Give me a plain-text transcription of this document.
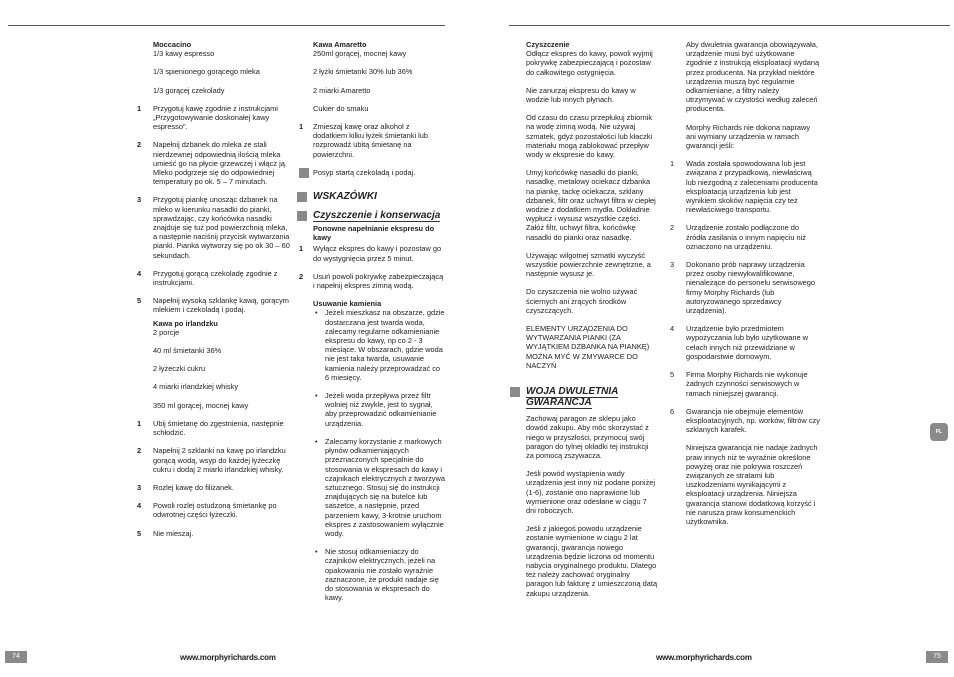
Moccacino

1/3 kawy espresso

1/3 spienionego gorącego mleka

1/3 gorącej czekolady

1 Przygotuj kawę zgodnie z instrukcjami „Przygotowywanie doskonałej kawy espresso".
2 Napełnij dzbanek do mleka ze stali nierdzewnej odpowiednią ilością mleka umieść go na płycie grzewczej i włącz ją. Mleko podgrzeje się do odpowiedniej temperatury po ok. 5 – 7 minutach.
3 Przygotuj piankę unosząc dzbanek na mleko w kierunku nasadki do pianki, sprawdzając, czy końcówka nasadki znajduje się tuż pod powierzchnią mleka, a następnie naciśnij przycisk wytwarzania pianki. Pianka wytworzy się po ok 30 – 60 sekundach.
4 Przygotuj gorącą czekoladę zgodnie z instrukcjami.
5 Napełnij wysoką szklankę kawą, gorącym mlekiem i czekoladą i podaj.
Kawa po irlandzku

2 porcje

40 ml śmietanki 36%

2 łyżeczki cukru

4 miarki irlandzkiej whisky

350 ml gorącej, mocnej kawy

1 Ubij śmietanę do zgęstnienia, następnie schłodzić.
2 Napełnij 2 szklanki na kawę po irlandzku gorącą wodą, wsyp do każdej łyżeczkę cukru i dodaj 2 miarki irlandzkiej whisky.
3 Rozlej kawę do filiżanek.
4 Powoli rozlej ostudzoną śmietankę po odwrotnej części łyżeczki.
5 Nie mieszaj.
Kawa Amaretto

250ml gorącej, mocnej kawy

2 łyżki śmietanki 30% lub 36%

2 miarki Amaretto

Cukier do smaku

1 Zmieszaj kawę oraz alkohol z dodatkiem kilku łyżek śmietanki lub rozprowadź ubitą śmietanę na powierzchni.
2	Posyp startą czekoladą i podaj.
WSKAZÓWKI
Czyszczenie i konserwacja
Ponowne napełnianie ekspresu do kawy
1 Wyłącz ekspres do kawy i pozostaw go do wystygnięcia przez 5 minut.
2 Usuń powoli pokrywkę zabezpieczającą i napełnij ekspres zimną wodą.
Usuwanie kamienia
• Jeżeli mieszkasz na obszarze, gdzie dostarczana jest twarda woda, zalecamy regularne odkamienianie ekspresu do kawy, np co 2 - 3 miesiące. W obszarach, gdzie woda nie jest taka twarda, usuwanie kamienia należy przeprowadzać co 6 miesięcy.
• Jeżeli woda przepływa przez filtr wolniej niż zwykle, jest to sygnał, aby przeprowadzić odkamienianie urządzenia.
• Zalecamy korzystanie z markowych płynów odkamieniających przeznaczonych specjalnie do stosowania w ekspresach do kawy i czajnikach elektrycznych z tworzywa sztucznego. Stosuj się do instrukcji znajdujących się na butelce lub saszetce, a następnie, przed parzeniem kawy, 3-krotnie uruchom ekspres z zastosowaniem wyłącznie wody.
• Nie stosuj odkamieniaczy do czajników elektrycznych, jeżeli na opakowaniu nie zostało wyraźnie zaznaczone, że produkt nadaje się do stosowania w ekspresach do kawy.
Czyszczenie

Odłącz ekspres do kawy, powoli wyjmij pokrywkę zabezpieczającą i pozostaw do całkowitego ostygnięcia.

Nie zanurzaj ekspresu do kawy w wodzie lub innych płynach.

Od czasu do czasu przepłukuj zbiornik na wodę zimną wodą. Nie używaj szmatek, gdyż pozostałości lub kłaczki materiału mogą zablokować przepływ wody w ekspresie do kawy.

Umyj końcówkę nasadki do pianki, nasadkę, metalowy ociekacz dzbanka na piankę, tackę ociekacza, szklany dzbanek, filtr oraz uchwyt filtra w ciepłej wodzie z dodatkiem mydła. Dokładnie wypłucz i wysusz wszystkie części. Załóż filtr, uchwyt filtra, końcówkę nasadki do pianki oraz nasadkę.

Używając wilgotnej szmatki wyczyść wszystkie powierzchnie zewnętrzne, a następnie wysusz je.

Do czyszczenia nie wolno używać ściernych ani żrących środków czyszczących.

ELEMENTY URZĄDZENIA DO WYTWARZANIA PIANKI (ZA WYJĄTKIEM DZBANKA NA PIANKĘ) MOŻNA MYĆ W ZMYWARCE DO NACZYŃ

WOJA DWULETNIA GWARANCJA

Zachowaj paragon ze sklepu jako dowód zakupu. Aby móc skorzystać z niego w przyszłości, przymocuj swój paragon do tylnej okładki tej instrukcji za pomocą zszywacza.

Jeśli powód wystąpienia wady urządzenia jest inny niż podane poniżej (1-6), zostanie ono naprawione lub wymienione oraz odesłane w ciągu 7 dni roboczych.

Jeśli z jakiegoś powodu urządzenie zostanie wymienione w ciągu 2 lat gwarancji, gwarancja nowego urządzenia będzie liczona od momentu nabycia oryginalnego produktu. Dlatego też należy zachować oryginalny paragon lub fakturę z umieszczoną datą zakupu urządzenia.

Aby dwuletnia gwarancja obowiązywała, urządzenie musi być użytkowane zgodnie z instrukcją eksploatacji wydaną przez producenta. Na przykład niektóre urządzenia muszą być regularnie odkamieniane, a filtry należy utrzymywać w czystości według zaleceń producenta.

Morphy Richards nie dokona naprawy ani wymiany urządzenia w ramach gwarancji jeśli:

1 Wada została spowodowana lub jest związana z przypadkową, niewłaściwą lub niezgodną z zaleceniami producenta eksploatacją urządzenia lub jest wynikiem skoków napięcia czy też niewłaściwego transportu.
2 Urządzenie zostało podłączone do źródła zasilania o innym napięciu niż oznaczono na urządzeniu.
3 Dokonano prób naprawy urządzenia przez osoby niewykwalifikowane, nienależące do personelu serwisowego firmy Morphy Richards (lub autoryzowanego sprzedawcy urządzenia).
4 Urządzenie było przedmiotem wypożyczania lub było użytkowane w celach innych niż przewidziane w gospodarstwie domowym.
5 Firma Morphy Richards nie wykonuje żadnych czynności serwisowych w ramach niniejszej gwarancji.
6 Gwarancja nie obejmuje elementów eksploatacyjnych, np. worków, filtrów czy szklanych karafek.

Niniejsza gwarancja nie nadaje żadnych praw innych niż te wyraźnie określone powyżej oraz nie pokrywa roszczeń związanych ze stratami lub uszkodzeniami wynikającymi z eksploatacji urządzenia. Niniejsza gwarancja stanowi dodatkową korzyść i nie narusza praw konsumenckich użytkownika.

PL
74	www.morphyrichards.com	www.morphyrichards.com	75
